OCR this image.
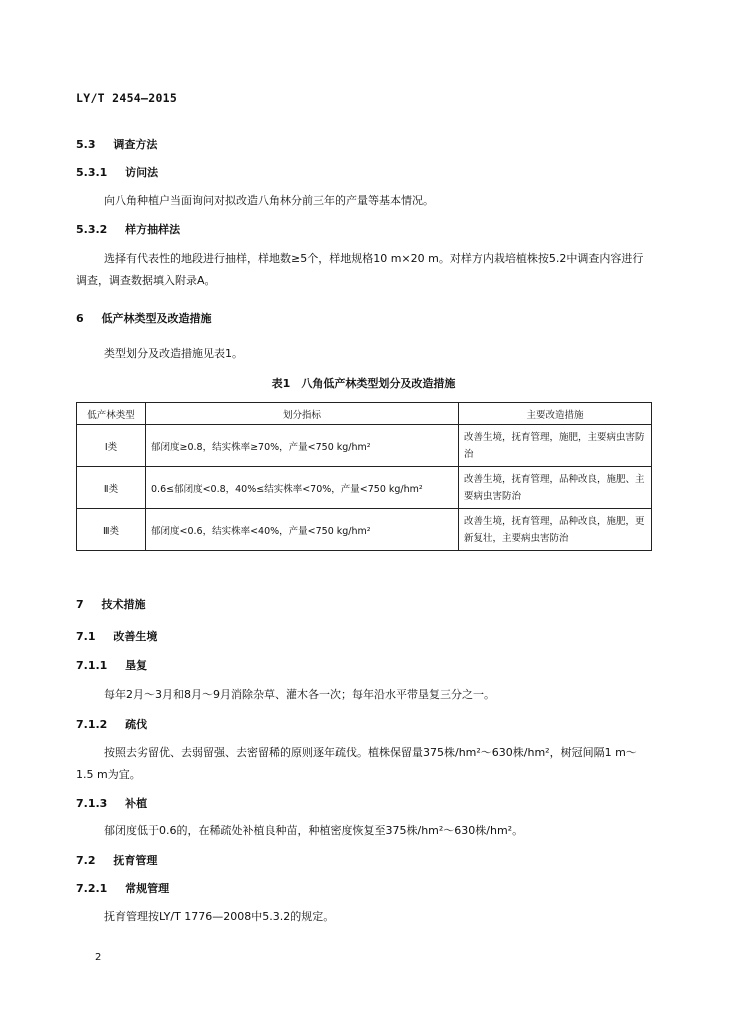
LY/T 2454—2015
5.3 调查方法
5.3.1 访问法
向八角种植户当面询问对拟改造八角林分前三年的产量等基本情况。
5.3.2 样方抽样法
选择有代表性的地段进行抽样，样地数≥5个，样地规格10 m×20 m。对样方内栽培植株按5.2中调查内容进行调查，调查数据填入附录A。
6 低产林类型及改造措施
类型划分及改造措施见表1。
表1　八角低产林类型划分及改造措施
低产林类型	划分指标	主要改造措施
Ⅰ类	郁闭度≥0.8，结实株率≥70%，产量<750 kg/hm²	改善生境，抚育管理，施肥，主要病虫害防治
Ⅱ类	0.6≤郁闭度<0.8，40%≤结实株率<70%，产量<750 kg/hm²	改善生境，抚育管理，品种改良，施肥、主要病虫害防治
Ⅲ类	郁闭度<0.6，结实株率<40%，产量<750 kg/hm²	改善生境，抚育管理，品种改良，施肥，更新复壮，主要病虫害防治
7 技术措施
7.1 改善生境
7.1.1 垦复
每年2月～3月和8月～9月消除杂草、灌木各一次；每年沿水平带垦复三分之一。
7.1.2 疏伐
按照去劣留优、去弱留强、去密留稀的原则逐年疏伐。植株保留量375株/hm²～630株/hm²，树冠间隔1 m～1.5 m为宜。
7.1.3 补植
郁闭度低于0.6的，在稀疏处补植良种苗，种植密度恢复至375株/hm²～630株/hm²。
7.2 抚育管理
7.2.1 常规管理
抚育管理按LY/T 1776—2008中5.3.2的规定。
2
